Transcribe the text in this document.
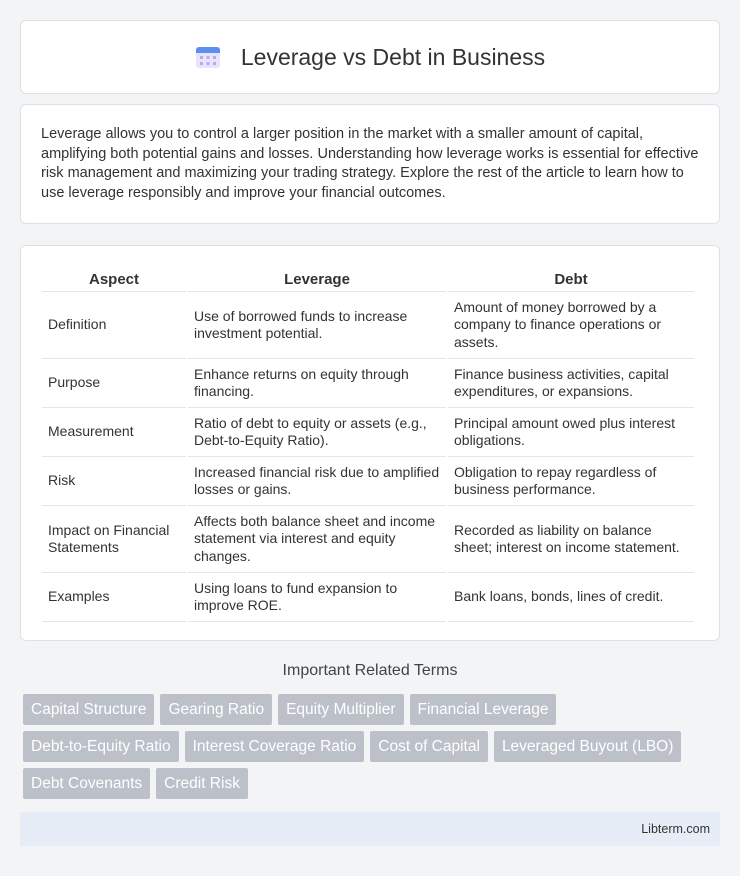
Leverage vs Debt in Business

Leverage allows you to control a larger position in the market with a smaller amount of capital, amplifying both potential gains and losses. Understanding how leverage works is essential for effective risk management and maximizing your trading strategy. Explore the rest of the article to learn how to use leverage responsibly and improve your financial outcomes.

Aspect	Leverage	Debt
Definition	Use of borrowed funds to increase investment potential.	Amount of money borrowed by a company to finance operations or assets.
Purpose	Enhance returns on equity through financing.	Finance business activities, capital expenditures, or expansions.
Measurement	Ratio of debt to equity or assets (e.g., Debt-to-Equity Ratio).	Principal amount owed plus interest obligations.
Risk	Increased financial risk due to amplified losses or gains.	Obligation to repay regardless of business performance.
Impact on Financial Statements	Affects both balance sheet and income statement via interest and equity changes.	Recorded as liability on balance sheet; interest on income statement.
Examples	Using loans to fund expansion to improve ROE.	Bank loans, bonds, lines of credit.
Important Related Terms
Capital Structure	Gearing Ratio	Equity Multiplier	Financial Leverage
Debt-to-Equity Ratio	Interest Coverage Ratio	Cost of Capital	Leveraged Buyout (LBO)
Debt Covenants	Credit Risk
Libterm.com
